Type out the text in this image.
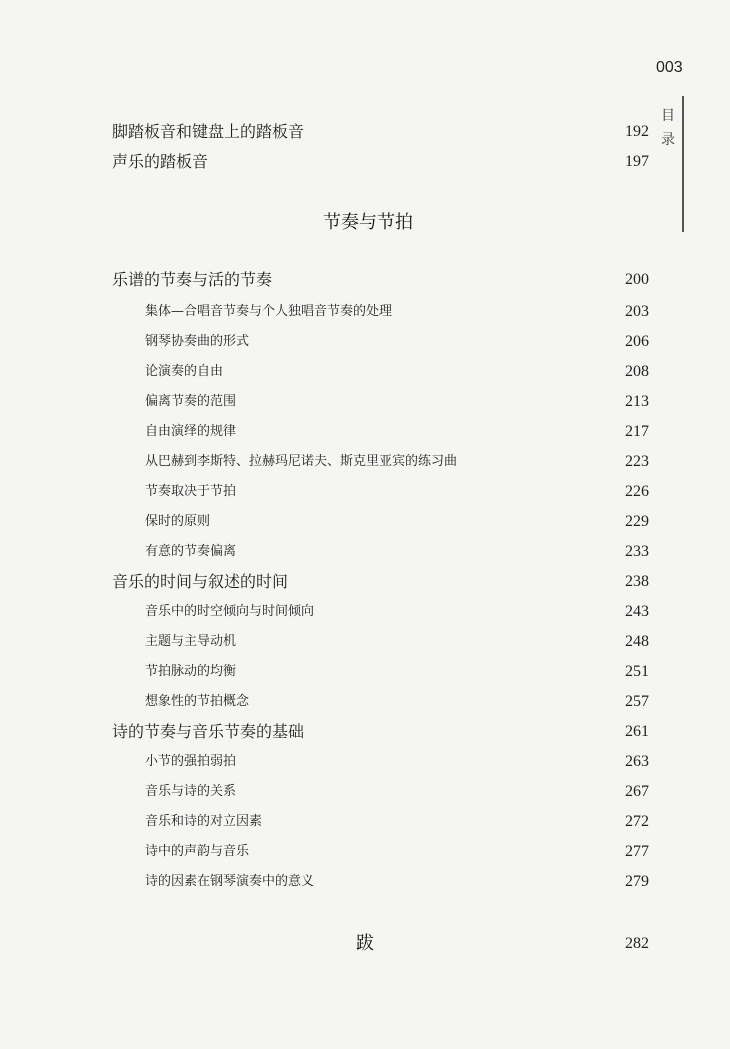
003
目
录
脚踏板音和键盘上的踏板音	192
声乐的踏板音	197
节奏与节拍
乐谱的节奏与活的节奏	200
集体—合唱音节奏与个人独唱音节奏的处理	203
钢琴协奏曲的形式	206
论演奏的自由	208
偏离节奏的范围	213
自由演绎的规律	217
从巴赫到李斯特、拉赫玛尼诺夫、斯克里亚宾的练习曲	223
节奏取决于节拍	226
保时的原则	229
有意的节奏偏离	233
音乐的时间与叙述的时间	238
音乐中的时空倾向与时间倾向	243
主题与主导动机	248
节拍脉动的均衡	251
想象性的节拍概念	257
诗的节奏与音乐节奏的基础	261
小节的强拍弱拍	263
音乐与诗的关系	267
音乐和诗的对立因素	272
诗中的声韵与音乐	277
诗的因素在钢琴演奏中的意义	279
跋	282
